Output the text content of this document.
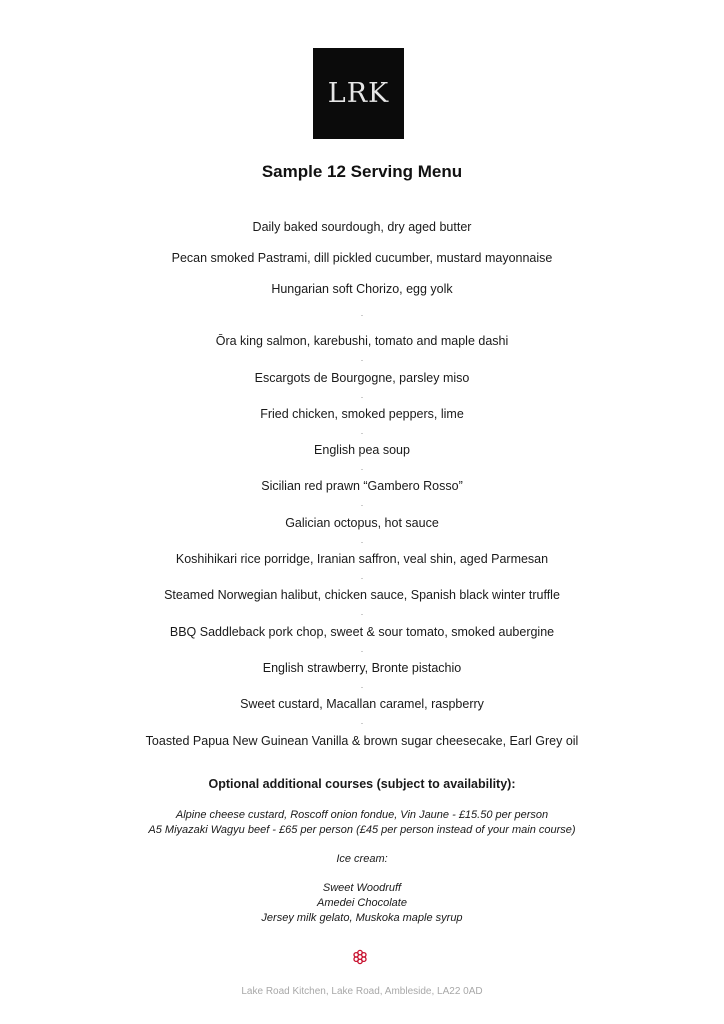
LRK
Sample 12 Serving Menu
Daily baked sourdough, dry aged butter
Pecan smoked Pastrami, dill pickled cucumber, mustard mayonnaise
Hungarian soft Chorizo, egg yolk
.
Ōra king salmon, karebushi, tomato and maple dashi
.
Escargots de Bourgogne, parsley miso
.
Fried chicken, smoked peppers, lime
.
English pea soup
.
Sicilian red prawn “Gambero Rosso”
.
Galician octopus, hot sauce
.
Koshihikari rice porridge, Iranian saffron, veal shin, aged Parmesan
.
Steamed Norwegian halibut, chicken sauce, Spanish black winter truffle
.
BBQ Saddleback pork chop, sweet & sour tomato, smoked aubergine
.
English strawberry, Bronte pistachio
.
Sweet custard, Macallan caramel, raspberry
.
Toasted Papua New Guinean Vanilla & brown sugar cheesecake, Earl Grey oil
Optional additional courses (subject to availability):
Alpine cheese custard, Roscoff onion fondue, Vin Jaune - £15.50 per person
A5 Miyazaki Wagyu beef - £65 per person (£45 per person instead of your main course)
Ice cream:
Sweet Woodruff
Amedei Chocolate
Jersey milk gelato, Muskoka maple syrup
Lake Road Kitchen, Lake Road, Ambleside, LA22 0AD
